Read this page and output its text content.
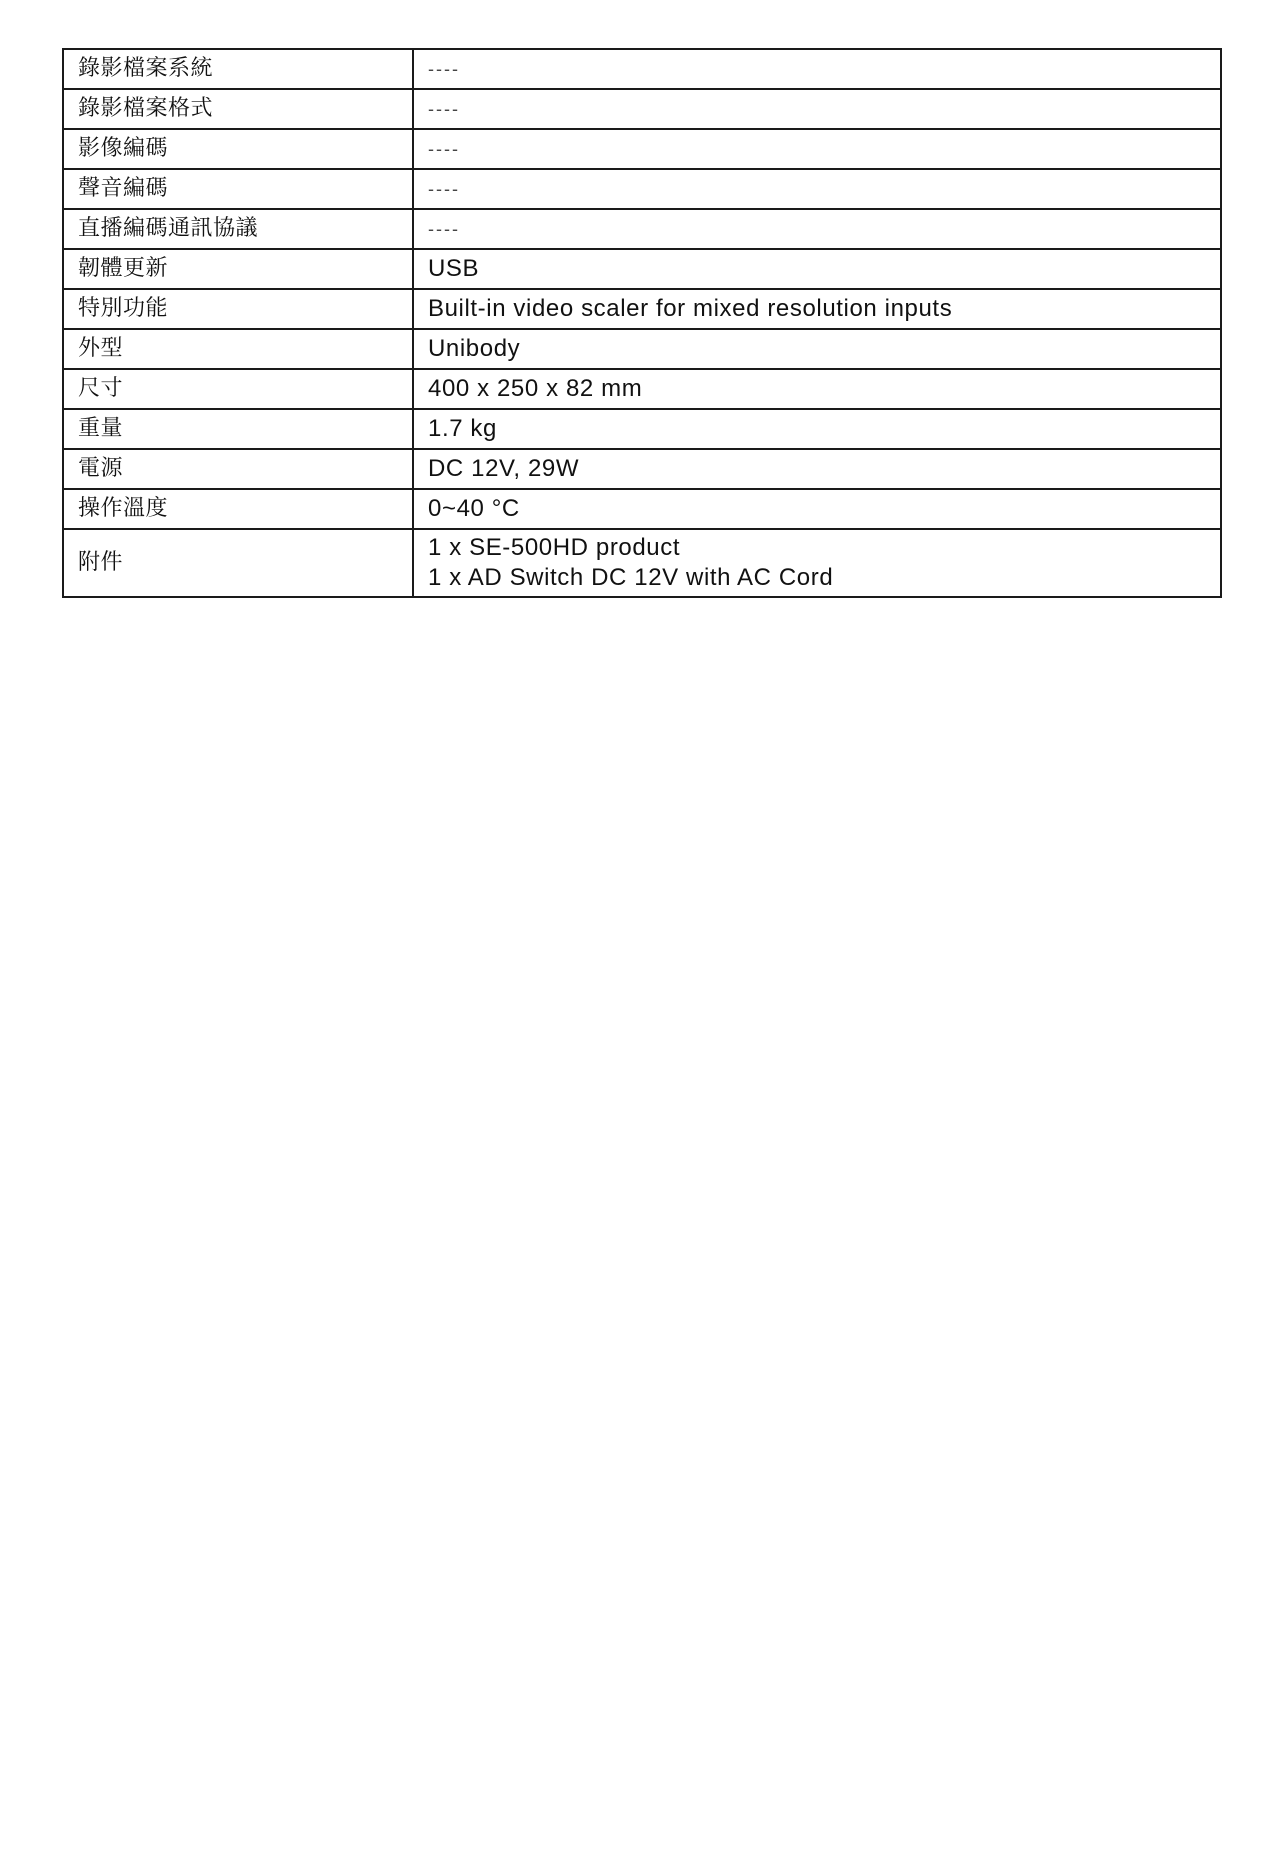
錄影檔案系統	----
錄影檔案格式	----
影像編碼	----
聲音編碼	----
直播編碼通訊協議	----
韌體更新	USB
特別功能	Built-in video scaler for mixed resolution inputs
外型	Unibody
尺寸	400 x 250 x 82 mm
重量	1.7 kg
電源	DC 12V, 29W
操作溫度	0~40 °C
附件	1 x SE-500HD product
1 x AD Switch DC 12V with AC Cord
